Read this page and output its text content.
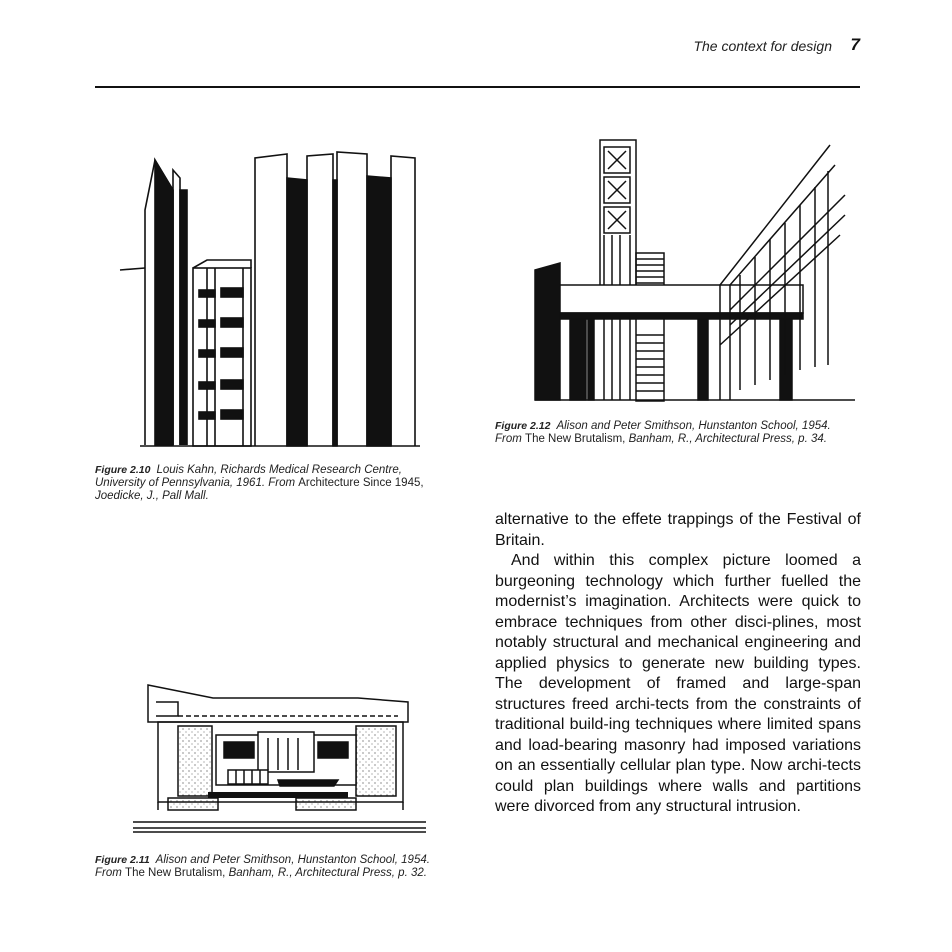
The context for design 7
Figure 2.10 Louis Kahn, Richards Medical Research Centre, University of Pennsylvania, 1961. From Architecture Since 1945, Joedicke, J., Pall Mall.
Figure 2.12 Alison and Peter Smithson, Hunstanton School, 1954. From The New Brutalism, Banham, R., Architectural Press, p. 34.
Figure 2.11 Alison and Peter Smithson, Hunstanton School, 1954. From The New Brutalism, Banham, R., Architectural Press, p. 32.

alternative to the effete trappings of the Festival of Britain.

And within this complex picture loomed a burgeoning technology which further fuelled the modernist’s imagination. Architects were quick to embrace techniques from other disci-plines, most notably structural and mechanical engineering and applied physics to generate new building types. The development of framed and large-span structures freed archi-tects from the constraints of traditional build-ing techniques where limited spans and load-bearing masonry had imposed variations on an essentially cellular plan type. Now archi-tects could plan buildings where walls and partitions were divorced from any structural intrusion.
